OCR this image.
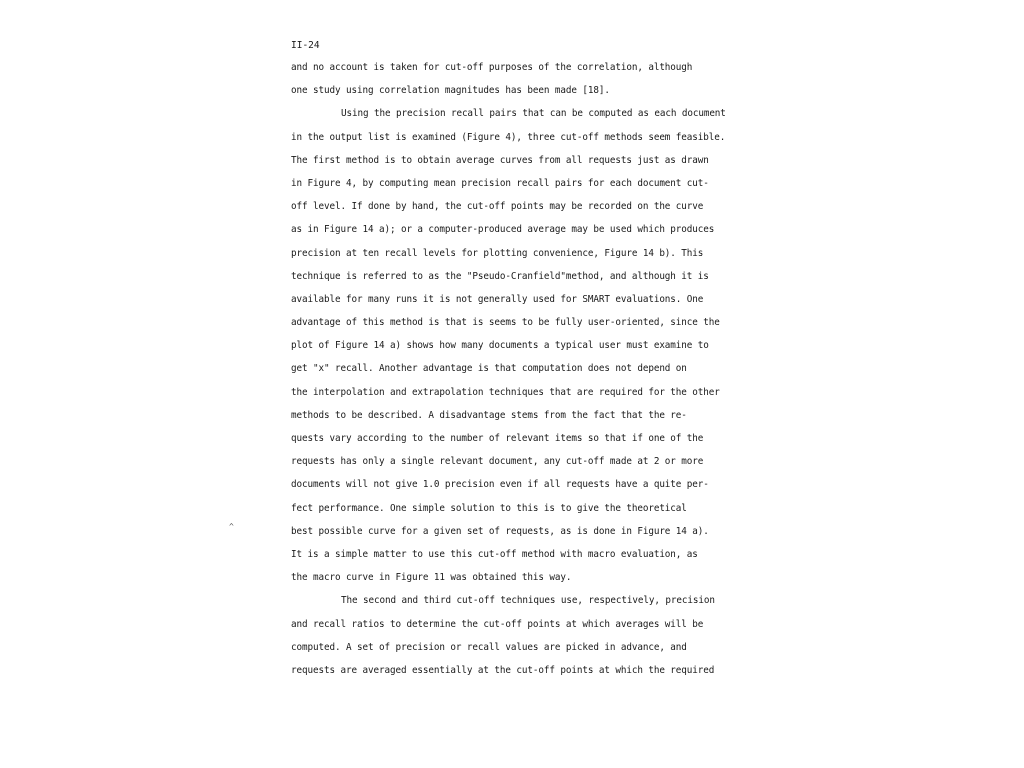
II-24
and no account is taken for cut-off purposes of the correlation, although
one study using correlation magnitudes has been made [18].
Using the precision recall pairs that can be computed as each document
in the output list is examined (Figure 4), three cut-off methods seem feasible.
The first method is to obtain average curves from all requests just as drawn
in Figure 4, by computing mean precision recall pairs for each document cut-
off level. If done by hand, the cut-off points may be recorded on the curve
as in Figure 14 a); or a computer-produced average may be used which produces
precision at ten recall levels for plotting convenience, Figure 14 b). This
technique is referred to as the "Pseudo-Cranfield"method, and although it is
available for many runs it is not generally used for SMART evaluations. One
advantage of this method is that is seems to be fully user-oriented, since the
plot of Figure 14 a) shows how many documents a typical user must examine to
get "x" recall. Another advantage is that computation does not depend on
the interpolation and extrapolation techniques that are required for the other
methods to be described. A disadvantage stems from the fact that the re-
quests vary according to the number of relevant items so that if one of the
requests has only a single relevant document, any cut-off made at 2 or more
documents will not give 1.0 precision even if all requests have a quite per-
fect performance. One simple solution to this is to give the theoretical
best possible curve for a given set of requests, as is done in Figure 14 a).
It is a simple matter to use this cut-off method with macro evaluation, as
the macro curve in Figure 11 was obtained this way.
The second and third cut-off techniques use, respectively, precision
and recall ratios to determine the cut-off points at which averages will be
computed. A set of precision or recall values are picked in advance, and
requests are averaged essentially at the cut-off points at which the required
^
